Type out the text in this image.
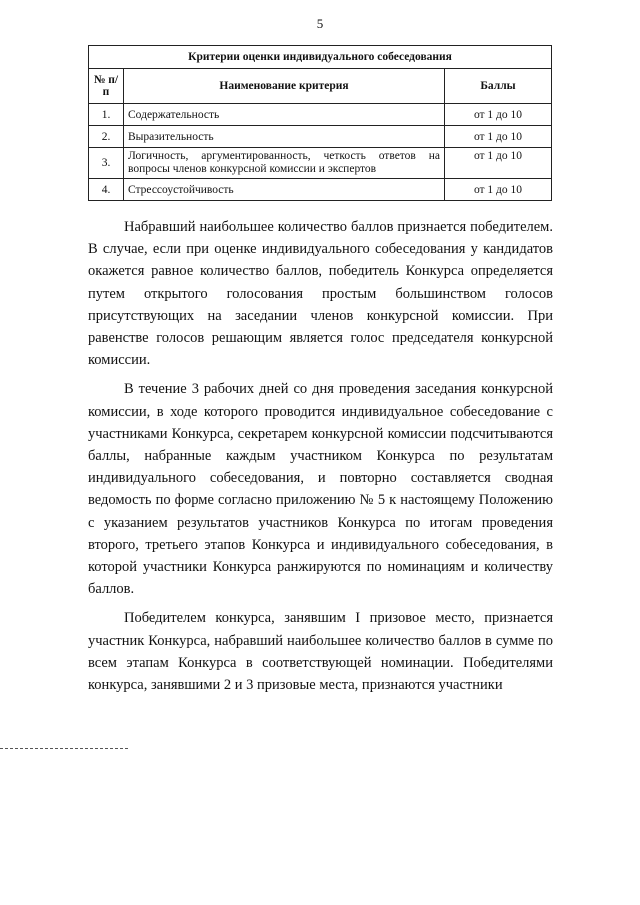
5
Критерии оценки индивидуального собеседования		
№ п/п	Наименование критерия	Баллы
1.	Содержательность	от 1 до 10
2.	Выразительность	от 1 до 10
3.	Логичность, аргументированность, четкость ответов на вопросы членов конкурсной комиссии и экспертов	от 1 до 10
4.	Стрессоустойчивость	от 1 до 10

Набравший наибольшее количество баллов признается победителем. В случае, если при оценке индивидуального собеседования у кандидатов окажется равное количество баллов, победитель Конкурса определяется путем открытого голосования простым большинством голосов присутствующих на заседании членов конкурсной комиссии. При равенстве голосов решающим является голос председателя конкурсной комиссии.

В течение 3 рабочих дней со дня проведения заседания конкурсной комиссии, в ходе которого проводится индивидуальное собеседование с участниками Конкурса, секретарем конкурсной комиссии подсчитываются баллы, набранные каждым участником Конкурса по результатам индивидуального собеседования, и повторно составляется сводная ведомость по форме согласно приложению № 5 к настоящему Положению с указанием результатов участников Конкурса по итогам проведения второго, третьего этапов Конкурса и индивидуального собеседования, в которой участники Конкурса ранжируются по номинациям и количеству баллов.

Победителем конкурса, занявшим I призовое место, признается участник Конкурса, набравший наибольшее количество баллов в сумме по всем этапам Конкурса в соответствующей номинации. Победителями конкурса, занявшими 2 и 3 призовые места, признаются участники
